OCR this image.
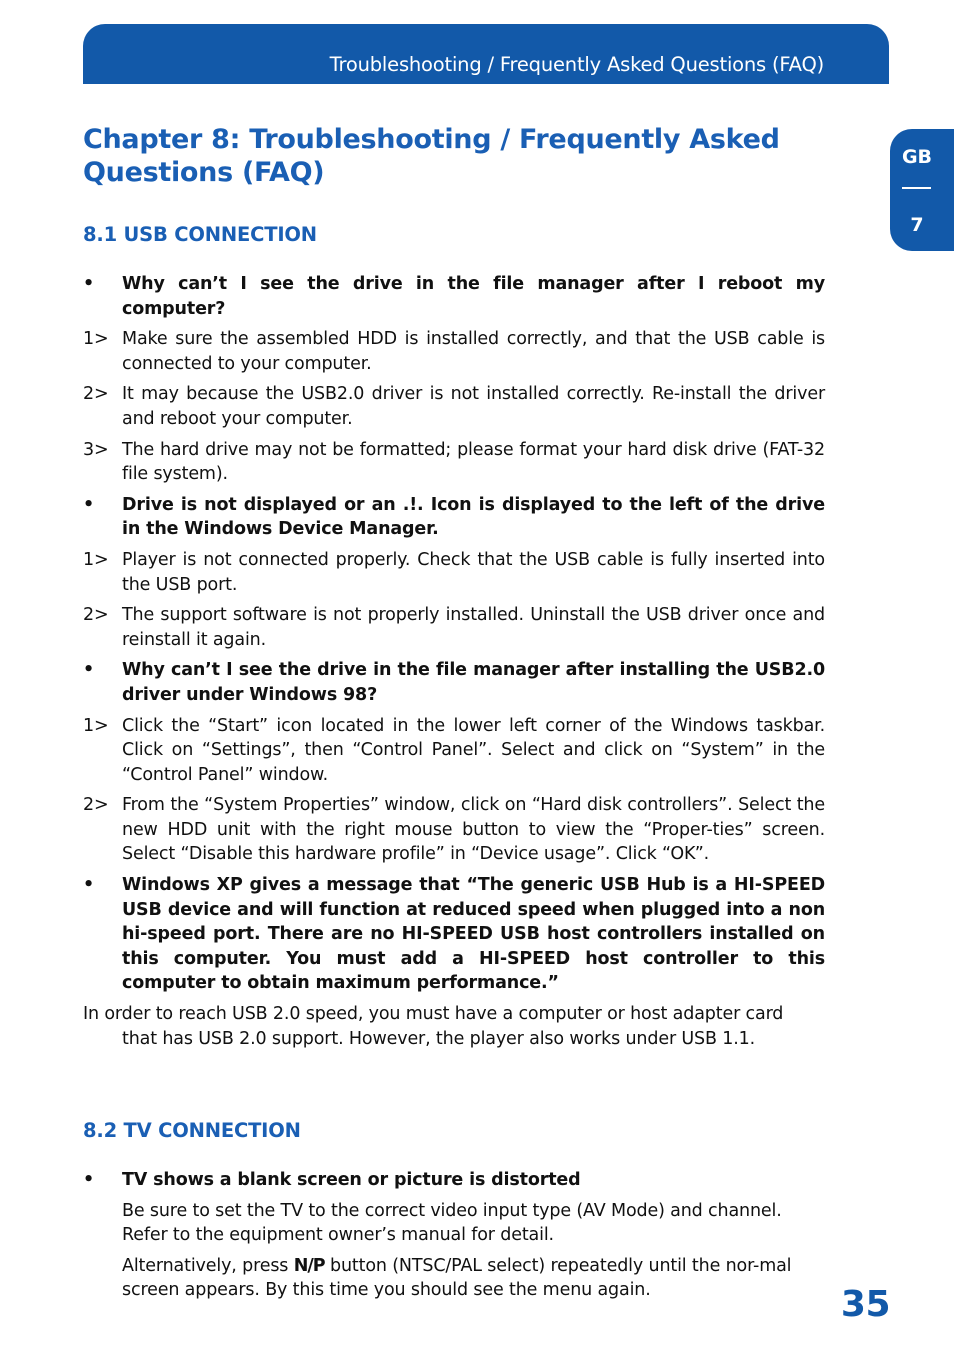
Troubleshooting / Frequently Asked Questions (FAQ)
GB
7
Chapter 8: Troubleshooting / Frequently Asked Questions (FAQ)
8.1 USB CONNECTION
• Why can’t I see the drive in the file manager after I reboot my computer?
1> Make sure the assembled HDD is installed correctly, and that the USB cable is connected to your computer.
2> It may because the USB2.0 driver is not installed correctly. Re-install the driver and reboot your computer.
3> The hard drive may not be formatted; please format your hard disk drive (FAT-32 file system).
• Drive is not displayed or an .!. Icon is displayed to the left of the drive in the Windows Device Manager.
1> Player is not connected properly. Check that the USB cable is fully inserted into the USB port.
2> The support software is not properly installed. Uninstall the USB driver once and reinstall it again.
• Why can’t I see the drive in the file manager after installing the USB2.0 driver under Windows 98?
1> Click the “Start” icon located in the lower left corner of the Windows taskbar. Click on “Settings”, then “Control Panel”. Select and click on “System” in the “Control Panel” window.
2> From the “System Properties” window, click on “Hard disk controllers”. Select the new HDD unit with the right mouse button to view the “Proper-ties” screen. Select “Disable this hardware profile” in “Device usage”. Click “OK”.
• Windows XP gives a message that “The generic USB Hub is a HI-SPEED USB device and will function at reduced speed when plugged into a non hi-speed port. There are no HI-SPEED USB host controllers installed on this computer. You must add a HI-SPEED host controller to this computer to obtain maximum performance.”
In order to reach USB 2.0 speed, you must have a computer or host adapter card
that has USB 2.0 support. However, the player also works under USB 1.1.
8.2 TV CONNECTION
• TV shows a blank screen or picture is distorted
Be sure to set the TV to the correct video input type (AV Mode) and channel. Refer to the equipment owner’s manual for detail.
Alternatively, press N/P button (NTSC/PAL select) repeatedly until the nor-mal screen appears. By this time you should see the menu again.	35
